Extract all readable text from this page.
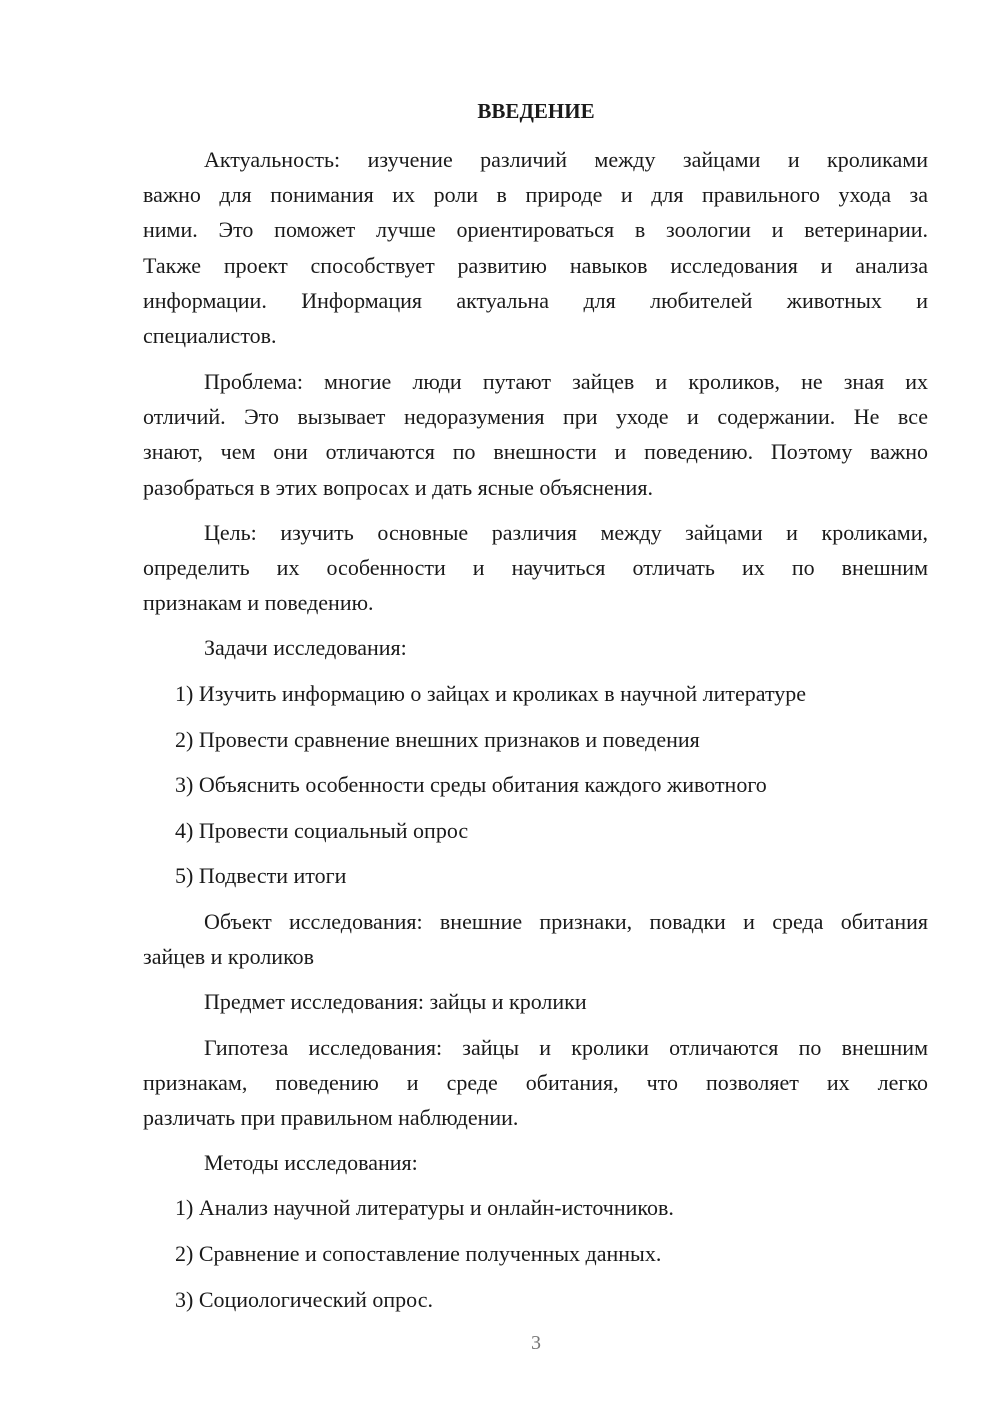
ВВЕДЕНИЕ
Актуальность: изучение различий между зайцами и кроликами
важно для понимания их роли в природе и для правильного ухода за
ними. Это поможет лучше ориентироваться в зоологии и ветеринарии.
Также проект способствует развитию навыков исследования и анализа
информации. Информация актуальна для любителей животных и
специалистов.
Проблема: многие люди путают зайцев и кроликов, не зная их
отличий. Это вызывает недоразумения при уходе и содержании. Не все
знают, чем они отличаются по внешности и поведению. Поэтому важно
разобраться в этих вопросах и дать ясные объяснения.
Цель: изучить основные различия между зайцами и кроликами,
определить их особенности и научиться отличать их по внешним
признакам и поведению.
Задачи исследования:
1) Изучить информацию о зайцах и кроликах в научной литературе
2) Провести сравнение внешних признаков и поведения
3) Объяснить особенности среды обитания каждого животного
4) Провести социальный опрос
5) Подвести итоги
Объект исследования: внешние признаки, повадки и среда обитания
зайцев и кроликов
Предмет исследования: зайцы и кролики
Гипотеза исследования: зайцы и кролики отличаются по внешним
признакам, поведению и среде обитания, что позволяет их легко
различать при правильном наблюдении.
Методы исследования:
1) Анализ научной литературы и онлайн-источников.
2) Сравнение и сопоставление полученных данных.
3) Социологический опрос.
3
